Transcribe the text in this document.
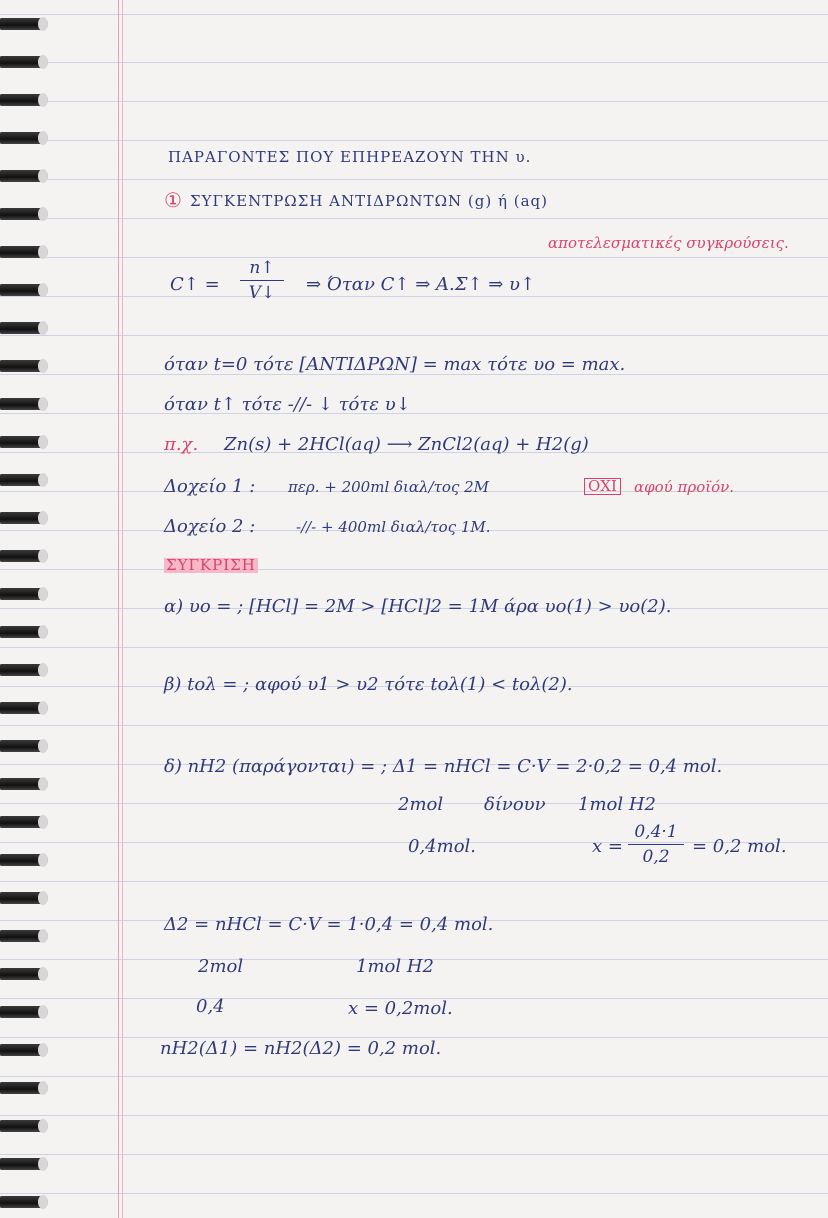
ΠΑΡΑΓΟΝΤΕΣ ΠΟΥ ΕΠΗΡΕΑΖΟΥΝ ΤΗΝ υ.
① ΣΥΓΚΕΝΤΡΩΣΗ ΑΝΤΙΔΡΩΝΤΩΝ (g) ή (aq)
αποτελεσματικές συγκρούσεις.
C↑ =
n↑
V↓	⇒ Όταν C↑ ⇒ Α.Σ↑ ⇒ υ↑
όταν t=0 τότε [ΑΝΤΙΔΡΩΝ] = max τότε υο = max.
όταν t↑ τότε -//- ↓ τότε υ↓
π.χ. Zn(s) + 2HCl(aq) ⟶ ZnCl2(aq) + H2(g)
Δοχείο 1 : περ. + 200ml διαλ/τος 2M	ΟΧΙ αφού προϊόν.
Δοχείο 2 :	-//- + 400ml διαλ/τος 1M.
ΣΥΓΚΡΙΣΗ
α) υο = ; [HCl] = 2M > [HCl]2 = 1M άρα υο(1) > υο(2).
β) tολ = ; αφού υ1 > υ2 τότε tολ(1) < tολ(2).
δ) nH2 (παράγονται) = ; Δ1 = nHCl = C·V = 2·0,2 = 0,4 mol.
2mol δίνουν 1mol H2
0,4mol.	x =
0,4·1
0,2	= 0,2 mol.
Δ2 = nHCl = C·V = 1·0,4 = 0,4 mol.
2mol	1mol H2
0,4	x = 0,2mol.
nH2(Δ1) = nH2(Δ2) = 0,2 mol.
